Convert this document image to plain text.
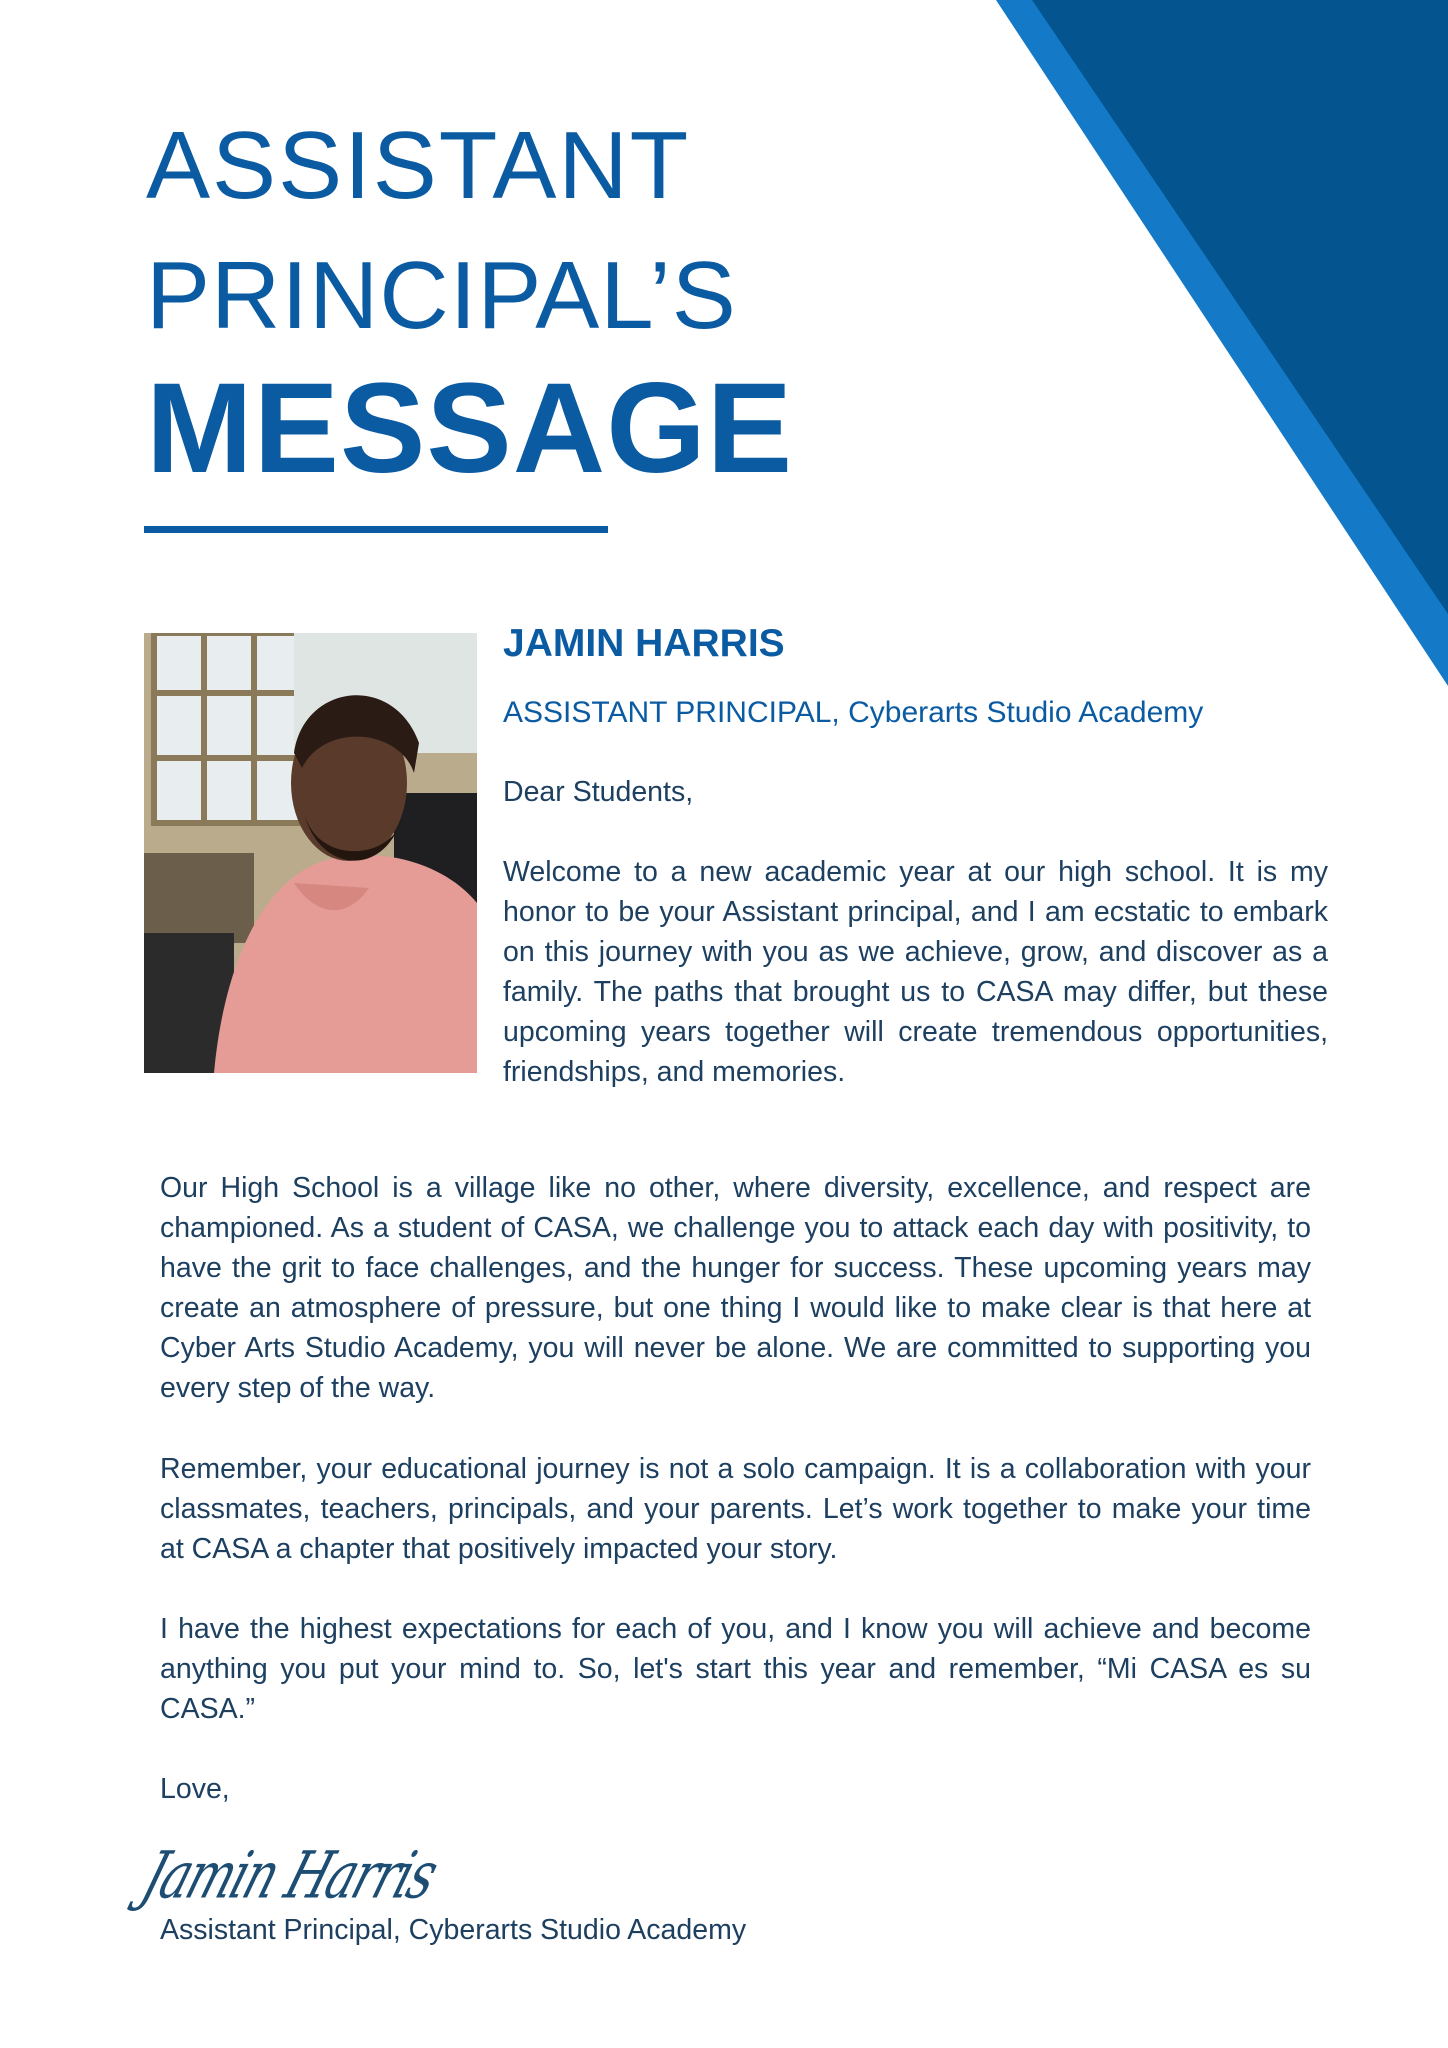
ASSISTANT
PRINCIPAL’S
MESSAGE
JAMIN HARRIS
ASSISTANT PRINCIPAL, Cyberarts Studio Academy

Dear Students,

Welcome to a new academic year at our high school. It is my honor to be your Assistant principal, and I am ecstatic to embark on this journey with you as we achieve, grow, and discover as a family. The paths that brought us to CASA may differ, but these upcoming years together will create tremendous opportunities, friendships, and memories.

Our High School is a village like no other, where diversity, excellence, and respect are championed. As a student of CASA, we challenge you to attack each day with positivity, to have the grit to face challenges, and the hunger for success. These upcoming years may create an atmosphere of pressure, but one thing I would like to make clear is that here at Cyber Arts Studio Academy, you will never be alone. We are committed to supporting you every step of the way.

Remember, your educational journey is not a solo campaign. It is a collaboration with your classmates, teachers, principals, and your parents. Let’s work together to make your time at CASA a chapter that positively impacted your story.

I have the highest expectations for each of you, and I know you will achieve and become anything you put your mind to. So, let's start this year and remember, “Mi CASA es su CASA.”

Love,

Jamin Harris
Assistant Principal, Cyberarts Studio Academy
